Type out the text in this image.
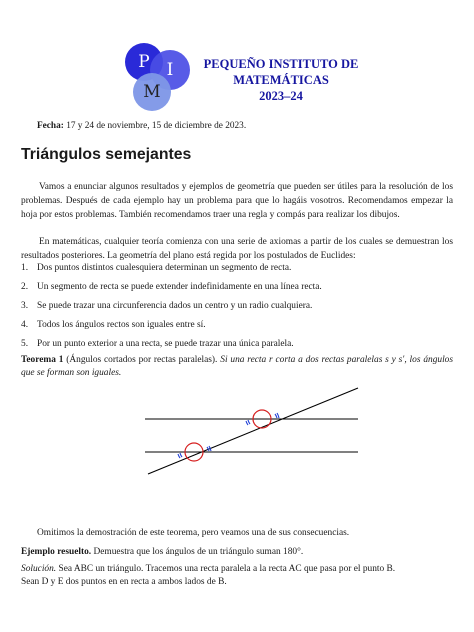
P I
M
PEQUEÑO INSTITUTO DE
MATEMÁTICAS
2023–24
Fecha: 17 y 24 de noviembre, 15 de diciembre de 2023.
Triángulos semejantes

Vamos a enunciar algunos resultados y ejemplos de geometría que pueden ser útiles para la resolución de los problemas. Después de cada ejemplo hay un problema para que lo hagáis vosotros. Recomendamos empezar la hoja por estos problemas. También recomendamos traer una regla y compás para realizar los dibujos.

En matemáticas, cualquier teoría comienza con una serie de axiomas a partir de los cuales se demuestran los resultados posteriores. La geometría del plano está regida por los postulados de Euclides:

1. Dos puntos distintos cualesquiera determinan un segmento de recta.
2. Un segmento de recta se puede extender indefinidamente en una línea recta.
3. Se puede trazar una circunferencia dados un centro y un radio cualquiera.
4. Todos los ángulos rectos son iguales entre sí.
5. Por un punto exterior a una recta, se puede trazar una única paralela.
Teorema 1 (Ángulos cortados por rectas paralelas). Si una recta r corta a dos rectas paralelas s y s′, los ángulos que se forman son iguales.
Omitimos la demostración de este teorema, pero veamos una de sus consecuencias.
Ejemplo resuelto. Demuestra que los ángulos de un triángulo suman 180°.
Solución. Sea ABC un triángulo. Tracemos una recta paralela a la recta AC que pasa por el punto B.
Sean D y E dos puntos en en recta a ambos lados de B.
